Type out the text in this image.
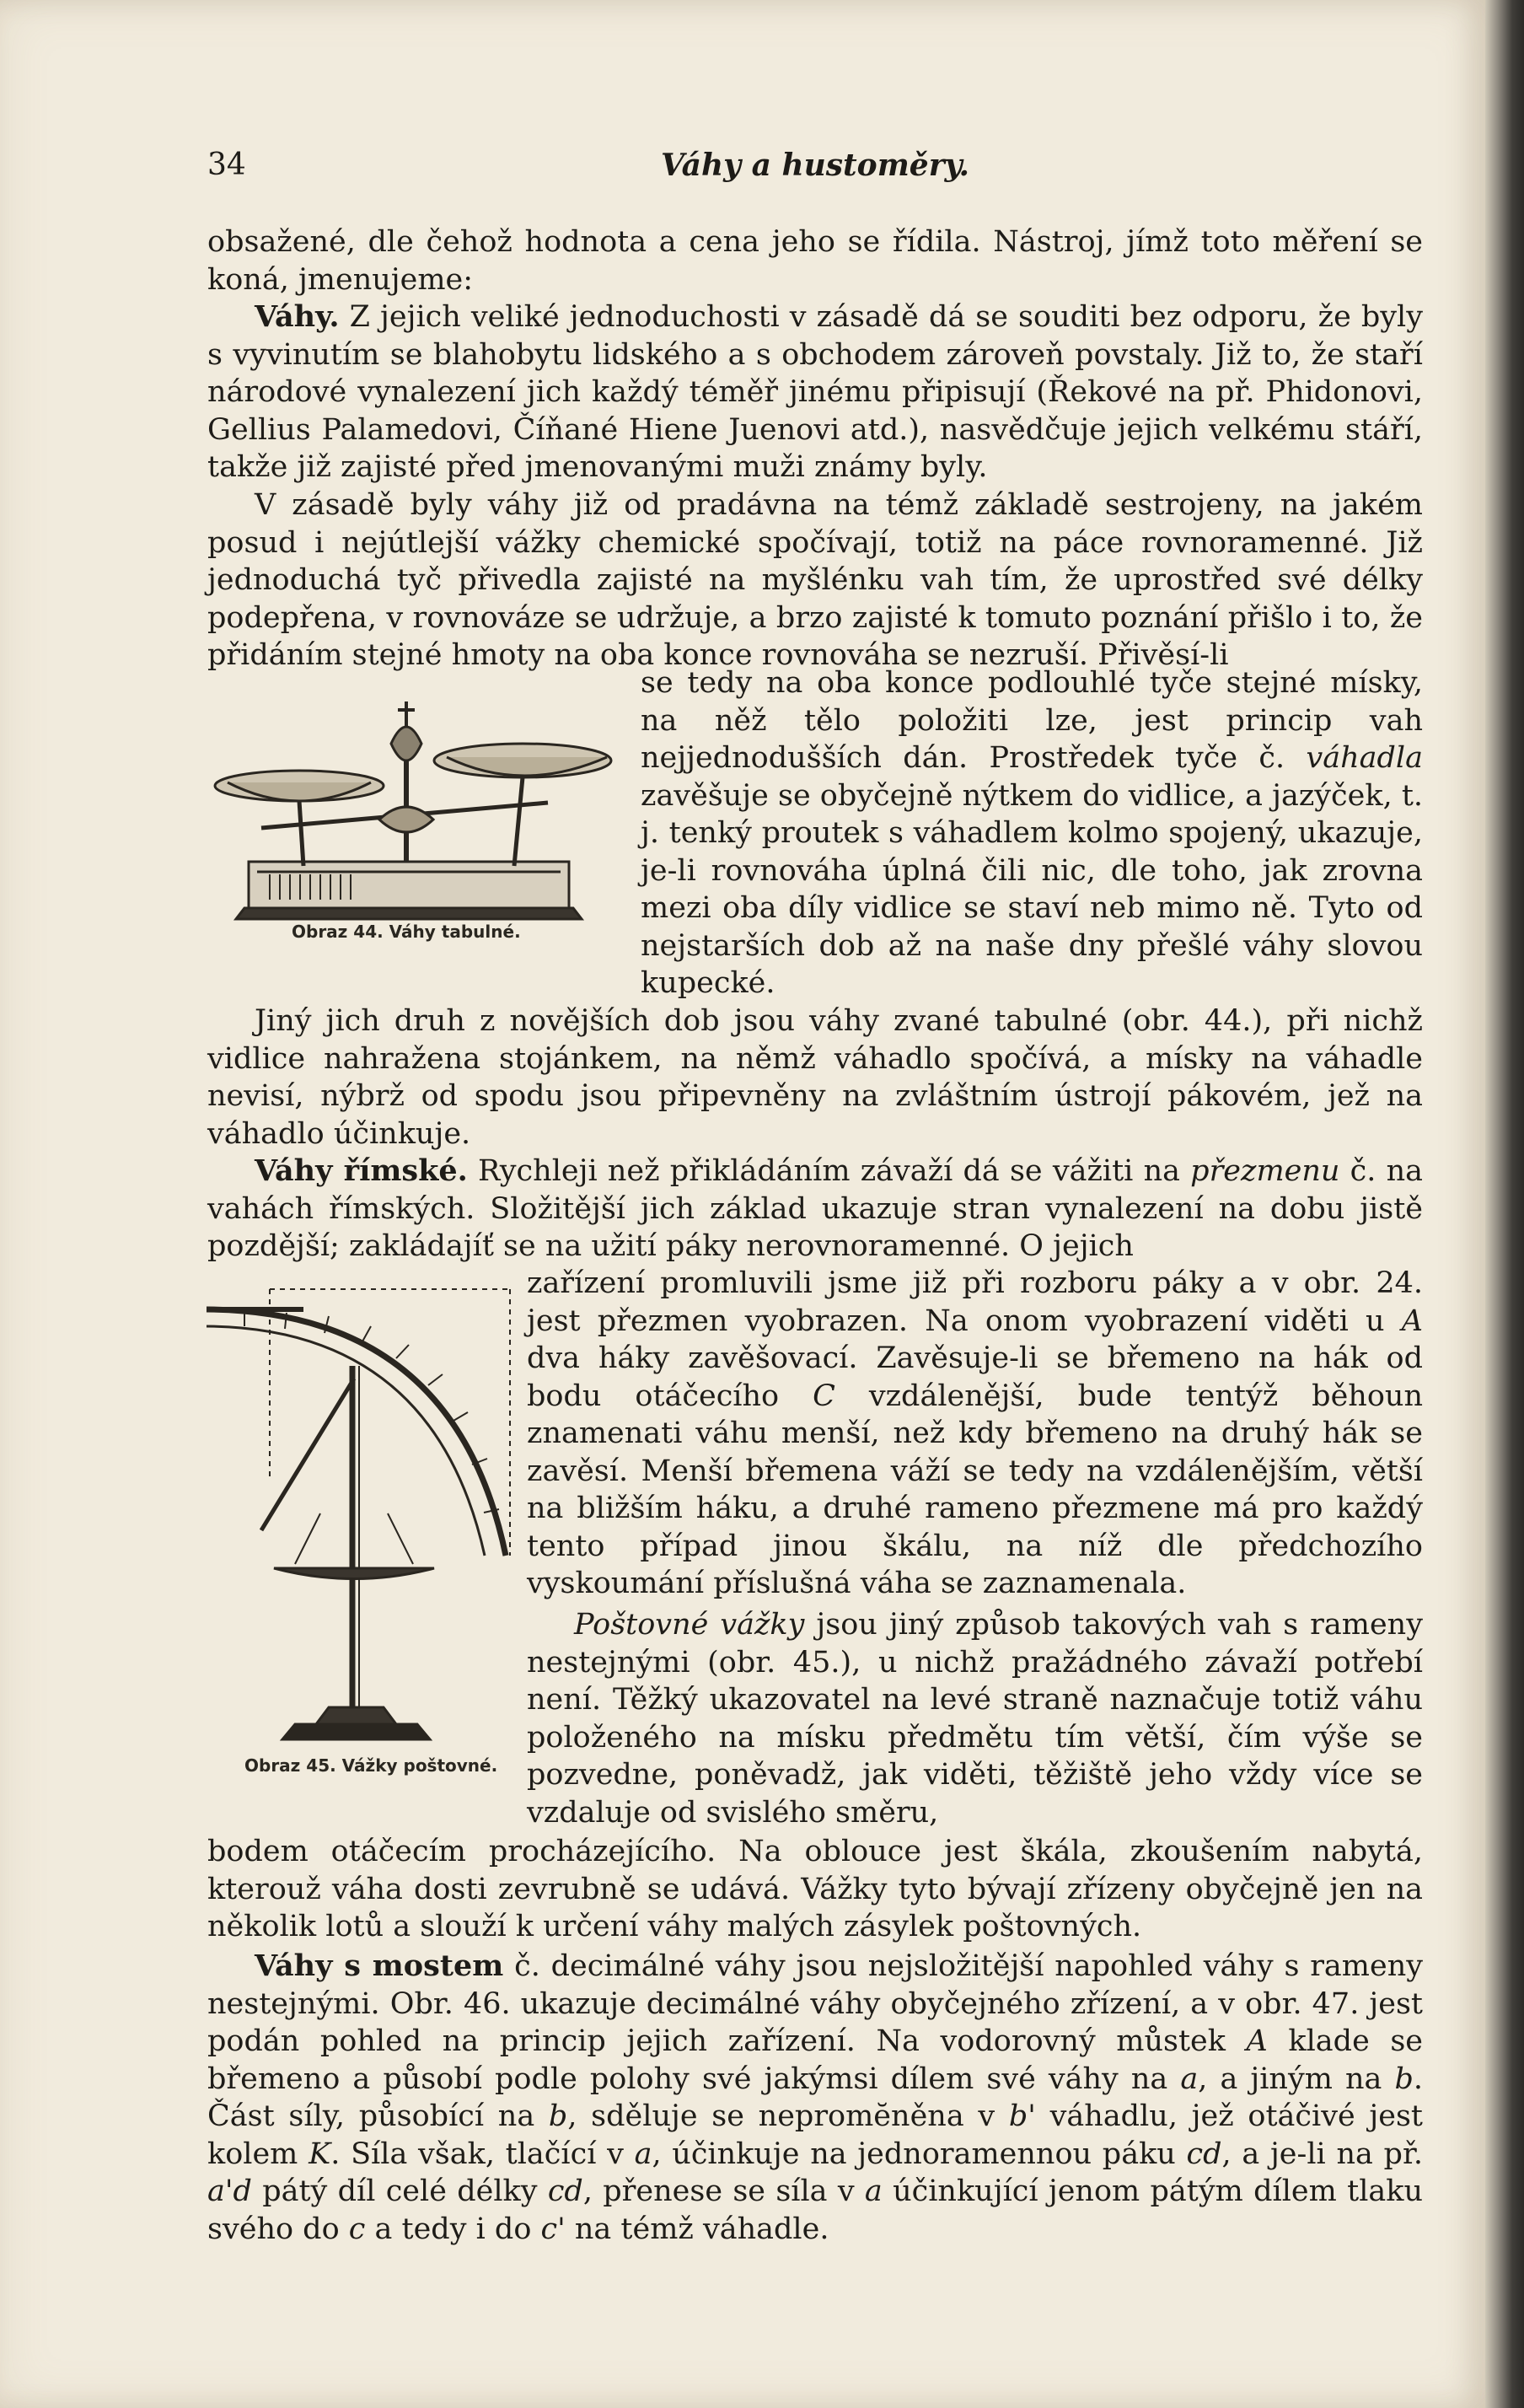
34	Váhy a hustoměry.

obsažené, dle čehož hodnota a cena jeho se řídila. Nástroj, jímž toto měření se koná, jmenujeme:

Váhy. Z jejich veliké jednoduchosti v zásadě dá se souditi bez odporu, že byly s vyvinutím se blahobytu lidského a s obchodem zároveň povstaly. Již to, že staří národové vynalezení jich každý téměř jinému připisují (Řekové na př. Phidonovi, Gellius Palamedovi, Číňané Hiene Juenovi atd.), nasvědčuje jejich velkému stáří, takže již zajisté před jmenovanými muži známy byly.

V zásadě byly váhy již od pradávna na témž základě sestrojeny, na jakém posud i nejútlejší vážky chemické spočívají, totiž na páce rovnoramenné. Již jednoduchá tyč přivedla zajisté na myšlénku vah tím, že uprostřed své délky podepřena, v rovnováze se udržuje, a brzo zajisté k tomuto poznání přišlo i to, že přidáním stejné hmoty na oba konce rovnováha se nezruší. Přivěsí-li

Obraz 44. Váhy tabulné.

se tedy na oba konce podlouhlé tyče stejné mísky, na něž tělo položiti lze, jest princip vah nejjednodušších dán. Prostředek tyče č. váhadla zavěšuje se obyčejně nýtkem do vidlice, a jazýček, t. j. tenký proutek s váhadlem kolmo spojený, ukazuje, je-li rovnováha úplná čili nic, dle toho, jak zrovna mezi oba díly vidlice se staví neb mimo ně. Tyto od nejstarších dob až na naše dny přešlé váhy slovou kupecké.

Jiný jich druh z novějších dob jsou váhy zvané tabulné (obr. 44.), při nichž vidlice nahražena stojánkem, na němž váhadlo spočívá, a mísky na váhadle nevisí, nýbrž od spodu jsou připevněny na zvláštním ústrojí pákovém, jež na váhadlo účinkuje.

Váhy římské. Rychleji než přikládáním závaží dá se vážiti na přezmenu č. na vahách římských. Složitější jich základ ukazuje stran vynalezení na dobu jistě pozdější; zakládajíť se na užití páky nerovnoramenné. O jejich

Obraz 45. Vážky poštovné.

zařízení promluvili jsme již při rozboru páky a v obr. 24. jest přezmen vyobrazen. Na onom vyobrazení viděti u A dva háky zavěšovací. Zavěsuje-li se břemeno na hák od bodu otáčecího C vzdálenější, bude tentýž běhoun znamenati váhu menší, než kdy břemeno na druhý hák se zavěsí. Menší břemena váží se tedy na vzdálenějším, větší na bližším háku, a druhé rameno přezmene má pro každý tento případ jinou škálu, na níž dle předchozího vyskoumání příslušná váha se zaznamenala.

Poštovné vážky jsou jiný způsob takových vah s rameny nestejnými (obr. 45.), u nichž pražádného závaží potřebí není. Těžký ukazovatel na levé straně naznačuje totiž váhu položeného na mísku předmětu tím větší, čím výše se pozvedne, poněvadž, jak viděti, těžiště jeho vždy více se vzdaluje od svislého směru,

bodem otáčecím procházejícího. Na oblouce jest škála, zkoušením nabytá, kterouž váha dosti zevrubně se udává. Vážky tyto bývají zřízeny obyčejně jen na několik lotů a slouží k určení váhy malých zásylek poštovných.

Váhy s mostem č. decimálné váhy jsou nejsložitější napohled váhy s rameny nestejnými. Obr. 46. ukazuje decimálné váhy obyčejného zřízení, a v obr. 47. jest podán pohled na princip jejich zařízení. Na vodorovný můstek A klade se břemeno a působí podle polohy své jakýmsi dílem své váhy na a, a jiným na b. Část síly, působící na b, sděluje se nepromĕněna v b' váhadlu, jež otáčivé jest kolem K. Síla však, tlačící v a, účinkuje na jednoramennou páku cd, a je-li na př. a'd pátý díl celé délky cd, přenese se síla v a účinkující jenom pátým dílem tlaku svého do c a tedy i do c' na témž váhadle.
